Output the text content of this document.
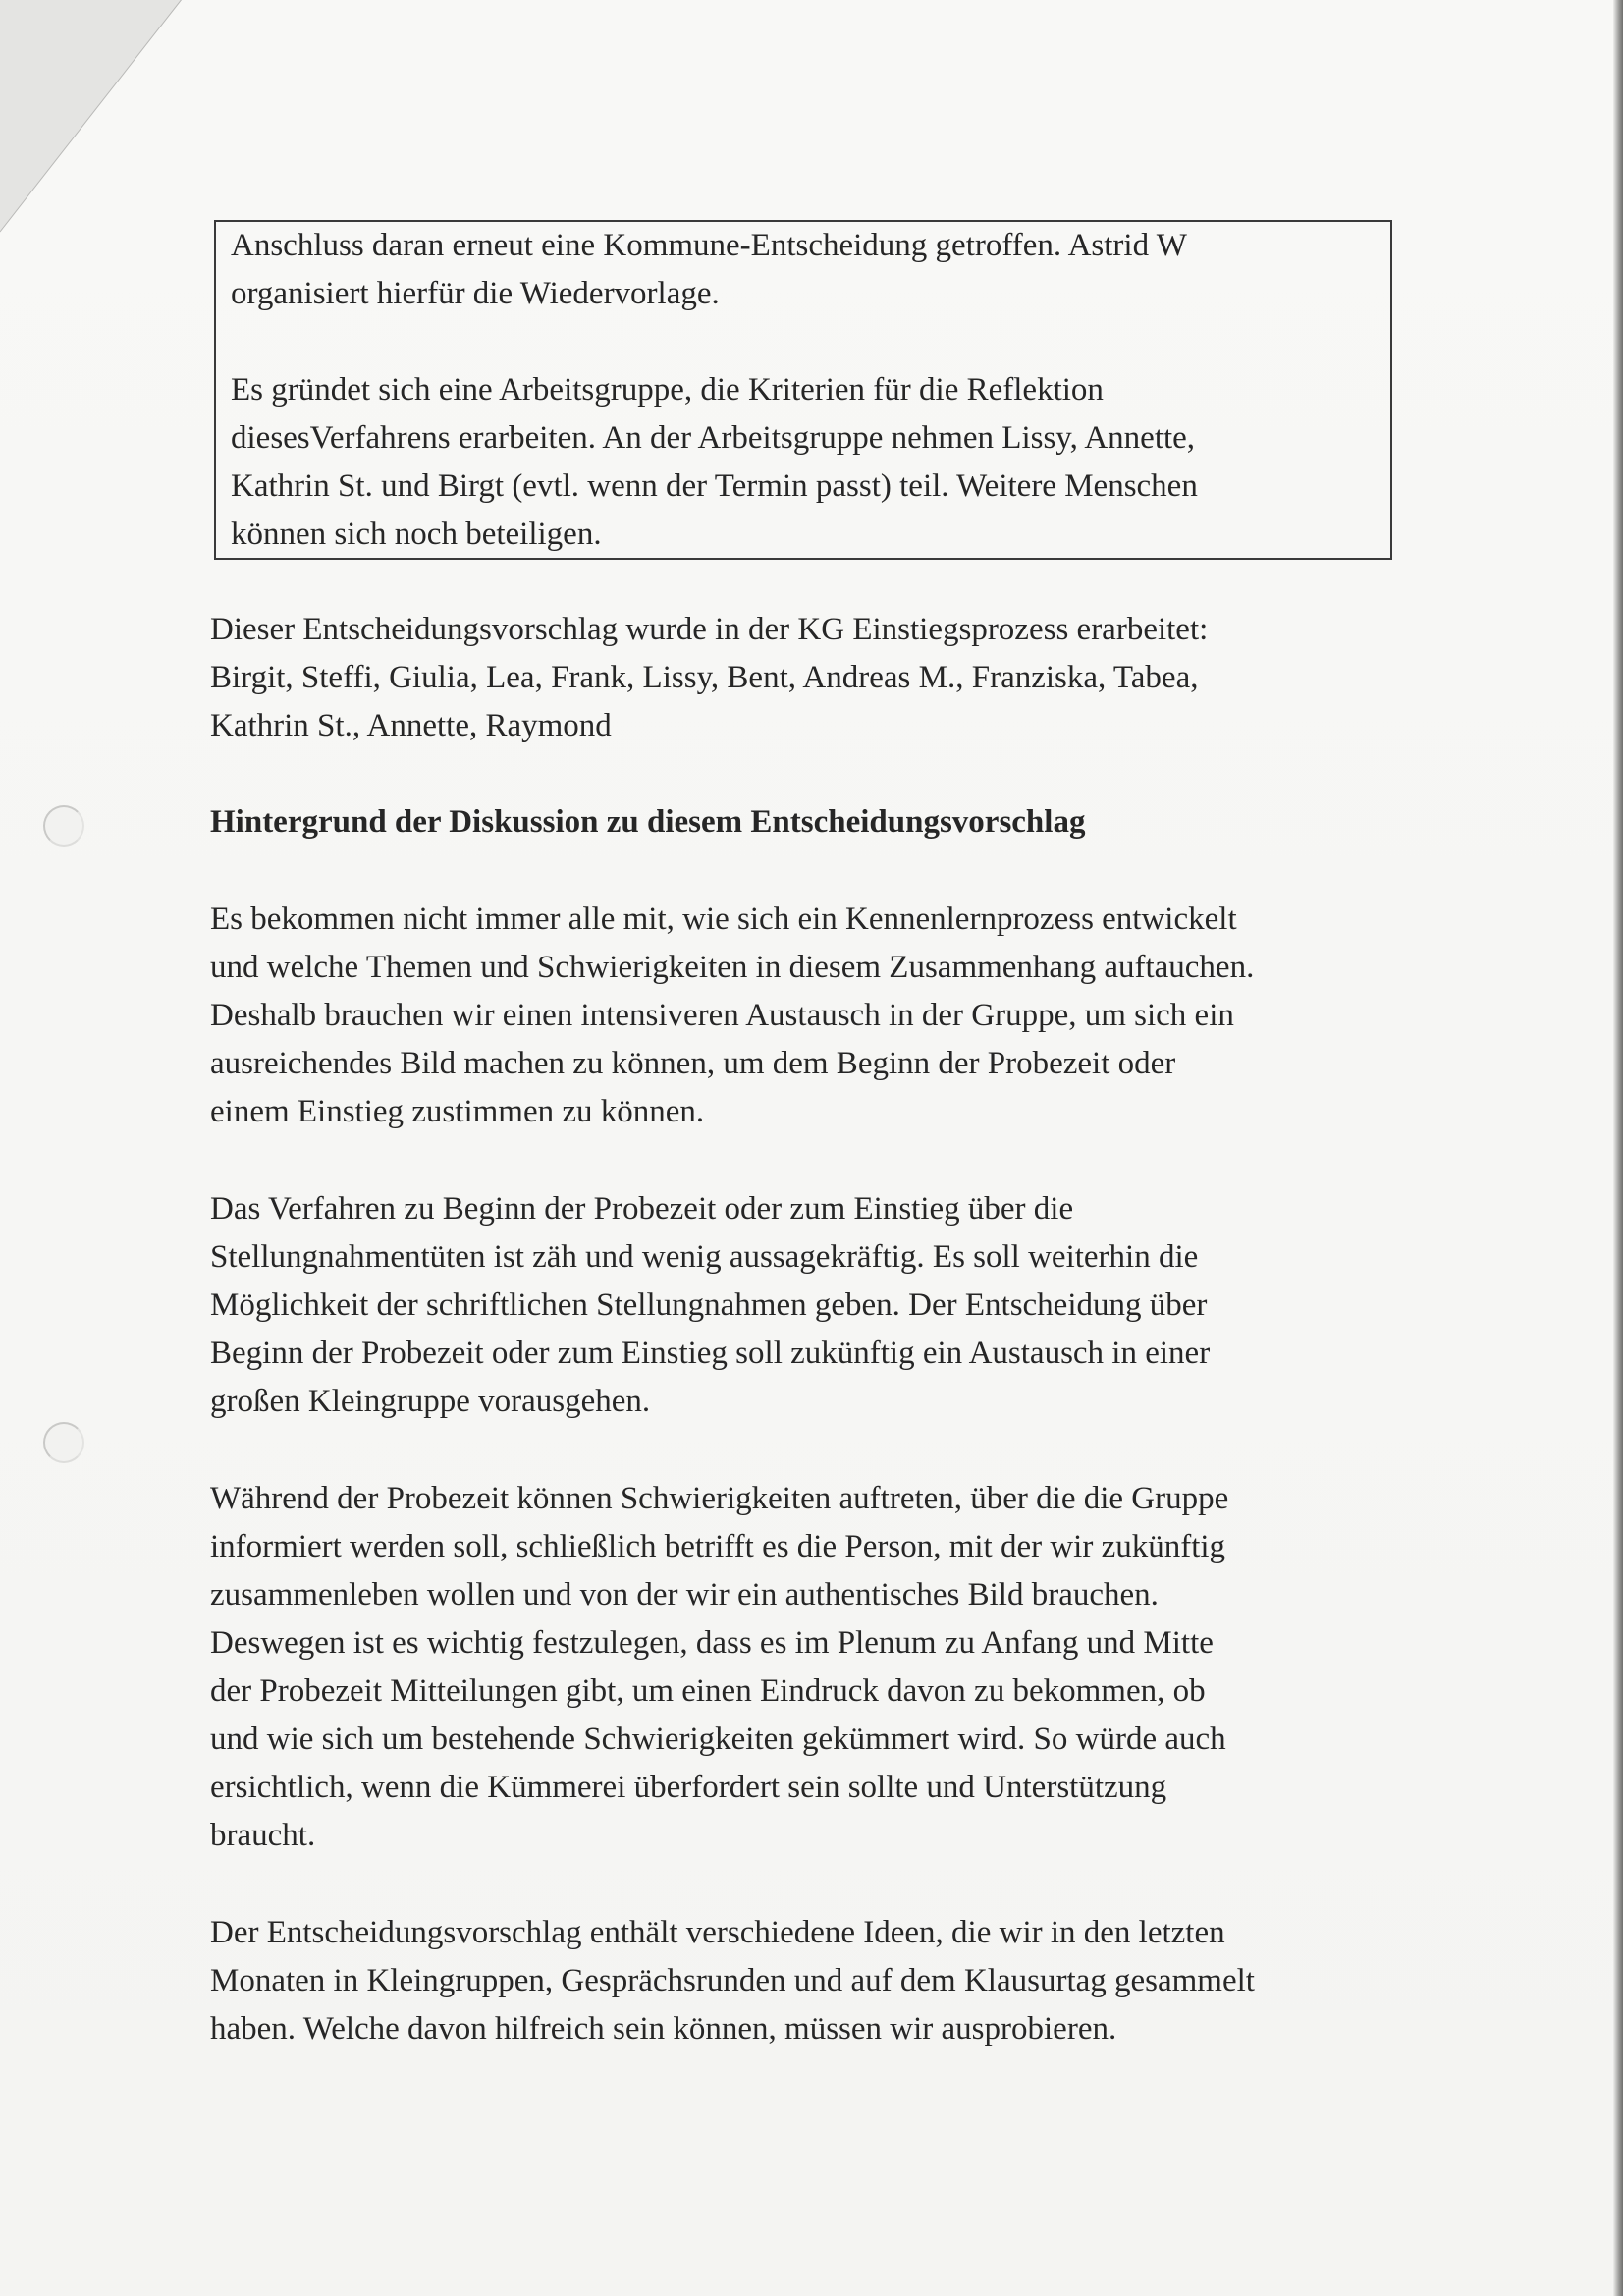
Anschluss daran erneut eine Kommune-Entscheidung getroffen. Astrid W
organisiert hierfür die Wiedervorlage.
Es gründet sich eine Arbeitsgruppe, die Kriterien für die Reflektion
diesesVerfahrens erarbeiten. An der Arbeitsgruppe nehmen Lissy, Annette,
Kathrin St. und Birgt (evtl. wenn der Termin passt) teil. Weitere Menschen
können sich noch beteiligen.
Dieser Entscheidungsvorschlag wurde in der KG Einstiegsprozess erarbeitet:
Birgit, Steffi, Giulia, Lea, Frank, Lissy, Bent, Andreas M., Franziska, Tabea,
Kathrin St., Annette, Raymond
Hintergrund der Diskussion zu diesem Entscheidungsvorschlag
Es bekommen nicht immer alle mit, wie sich ein Kennenlernprozess entwickelt
und welche Themen und Schwierigkeiten in diesem Zusammenhang auftauchen.
Deshalb brauchen wir einen intensiveren Austausch in der Gruppe, um sich ein
ausreichendes Bild machen zu können, um dem Beginn der Probezeit oder
einem Einstieg zustimmen zu können.
Das Verfahren zu Beginn der Probezeit oder zum Einstieg über die
Stellungnahmentüten ist zäh und wenig aussagekräftig. Es soll weiterhin die
Möglichkeit der schriftlichen Stellungnahmen geben. Der Entscheidung über
Beginn der Probezeit oder zum Einstieg soll zukünftig ein Austausch in einer
großen Kleingruppe vorausgehen.
Während der Probezeit können Schwierigkeiten auftreten, über die die Gruppe
informiert werden soll, schließlich betrifft es die Person, mit der wir zukünftig
zusammenleben wollen und von der wir ein authentisches Bild brauchen.
Deswegen ist es wichtig festzulegen, dass es im Plenum zu Anfang und Mitte
der Probezeit Mitteilungen gibt, um einen Eindruck davon zu bekommen, ob
und wie sich um bestehende Schwierigkeiten gekümmert wird. So würde auch
ersichtlich, wenn die Kümmerei überfordert sein sollte und Unterstützung
braucht.
Der Entscheidungsvorschlag enthält verschiedene Ideen, die wir in den letzten
Monaten in Kleingruppen, Gesprächsrunden und auf dem Klausurtag gesammelt
haben. Welche davon hilfreich sein können, müssen wir ausprobieren.
